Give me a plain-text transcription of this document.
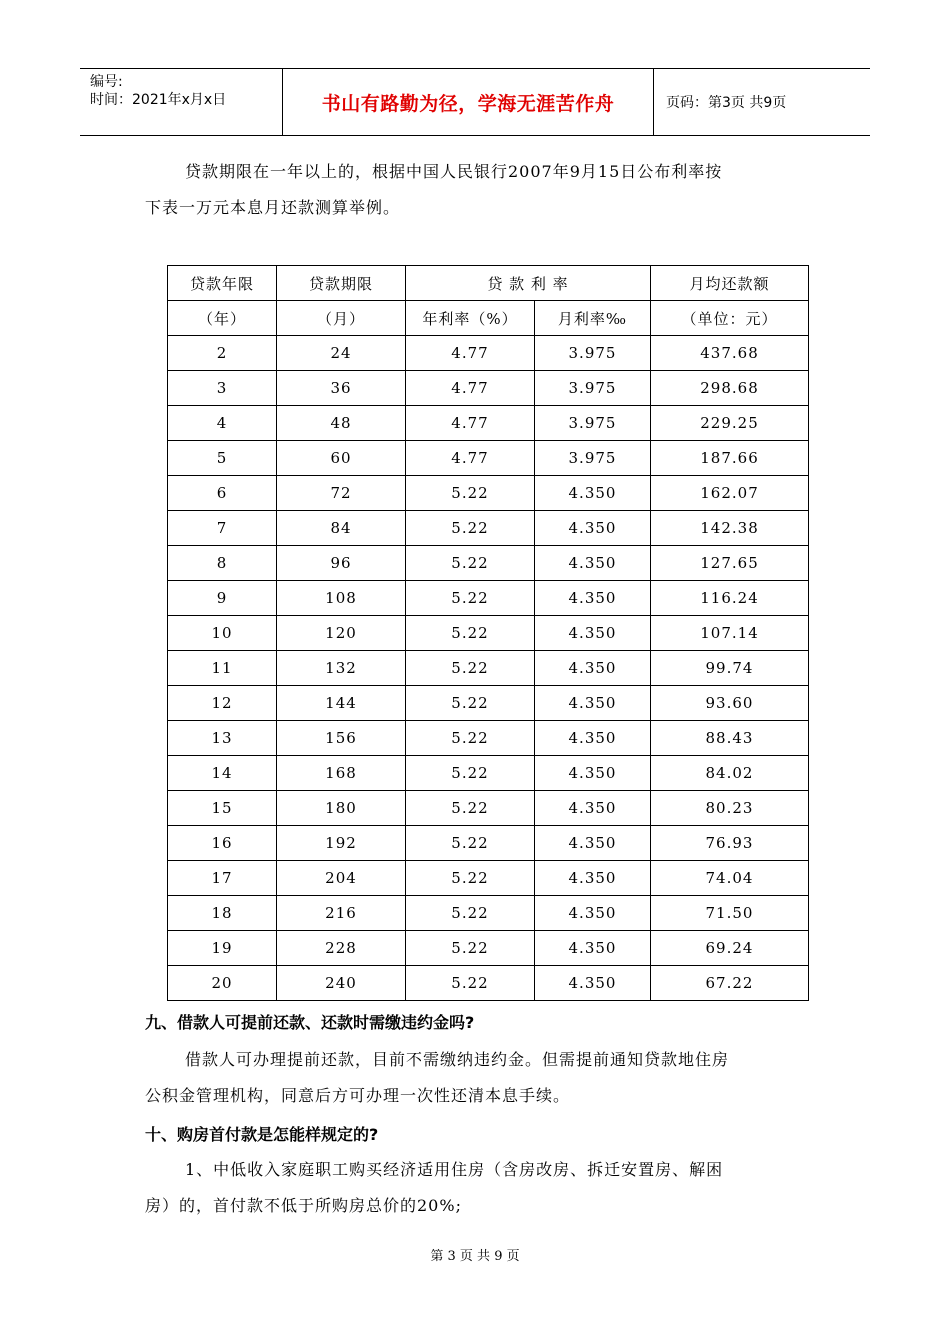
编号:
时间：2021年x月x日	书山有路勤为径，学海无涯苦作舟	页码：第3页 共9页
贷款期限在一年以上的，根据中国人民银行2007年9月15日公布利率按
下表一万元本息月还款测算举例。
贷款年限	贷款期限	贷 款 利 率		月均还款额
（年）	（月）	年利率（%）	月利率‰	（单位：元）
2	24	4.77	3.975	437.68
3	36	4.77	3.975	298.68
4	48	4.77	3.975	229.25
5	60	4.77	3.975	187.66
6	72	5.22	4.350	162.07
7	84	5.22	4.350	142.38
8	96	5.22	4.350	127.65
9	108	5.22	4.350	116.24
10	120	5.22	4.350	107.14
11	132	5.22	4.350	99.74
12	144	5.22	4.350	93.60
13	156	5.22	4.350	88.43
14	168	5.22	4.350	84.02
15	180	5.22	4.350	80.23
16	192	5.22	4.350	76.93
17	204	5.22	4.350	74.04
18	216	5.22	4.350	71.50
19	228	5.22	4.350	69.24
20	240	5.22	4.350	67.22
九、借款人可提前还款、还款时需缴违约金吗?
借款人可办理提前还款，目前不需缴纳违约金。但需提前通知贷款地住房
公积金管理机构，同意后方可办理一次性还清本息手续。
十、购房首付款是怎能样规定的?
1、中低收入家庭职工购买经济适用住房（含房改房、拆迁安置房、解困
房）的，首付款不低于所购房总价的20%;
第 3 页 共 9 页
